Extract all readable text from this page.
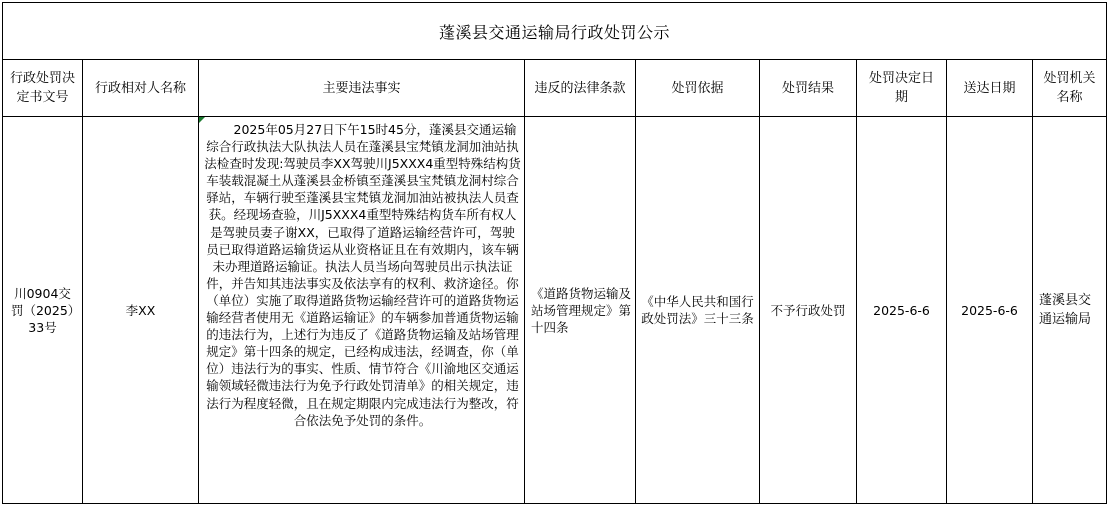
蓬溪县交通运输局行政处罚公示								

行政处罚决定书文号	行政相对人名称	主要违法事实	违反的法律条款	处罚依据	处罚结果	处罚决定日期	送达日期	处罚机关名称

川0904交罚（2025）33号	李XX	2025年05月27日下午15时45分，蓬溪县交通运输综合行政执法大队执法人员在蓬溪县宝梵镇龙洞加油站执法检查时发现:驾驶员李XX驾驶川J5XXX4重型特殊结构货车装载混凝土从蓬溪县金桥镇至蓬溪县宝梵镇龙洞村综合驿站，车辆行驶至蓬溪县宝梵镇龙洞加油站被执法人员查获。经现场查验，川J5XXX4重型特殊结构货车所有权人是驾驶员妻子谢XX，已取得了道路运输经营许可，驾驶员已取得道路运输货运从业资格证且在有效期内，该车辆未办理道路运输证。执法人员当场向驾驶员出示执法证件，并告知其违法事实及依法享有的权利、救济途径。你（单位）实施了取得道路货物运输经营许可的道路货物运输经营者使用无《道路运输证》的车辆参加普通货物运输的违法行为，上述行为违反了《道路货物运输及站场管理规定》第十四条的规定，已经构成违法，经调查，你（单位）违法行为的事实、性质、情节符合《川渝地区交通运输领域轻微违法行为免予行政处罚清单》的相关规定，违法行为程度轻微，且在规定期限内完成违法行为整改，符合依法免予处罚的条件。	《道路货物运输及站场管理规定》第十四条	《中华人民共和国行政处罚法》三十三条	不予行政处罚	2025-6-6	2025-6-6	蓬溪县交通运输局
